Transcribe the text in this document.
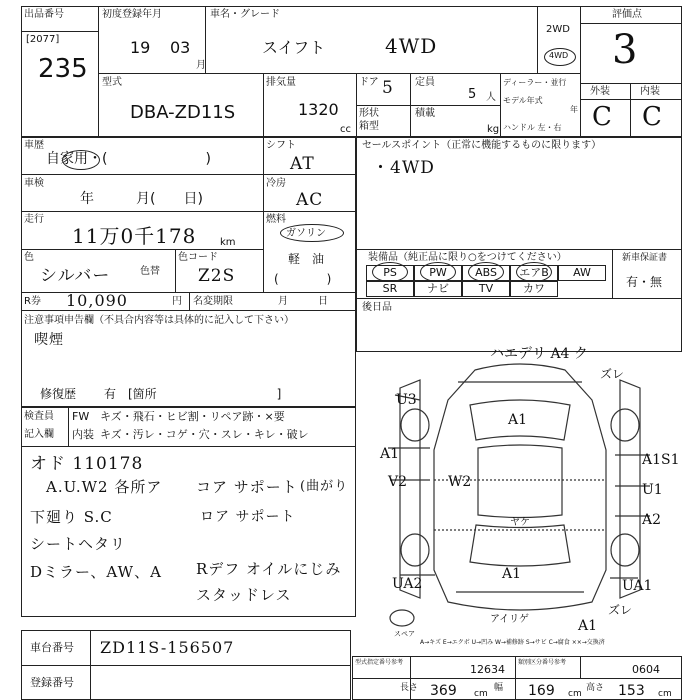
出品番号
[2077]
235
初度登録年月
19 03
月
車名・グレード
スイフト	4WD
2WD
4WD
評価点
3
型式
DBA-ZD11S
排気量
1320
cc
ドア 5 定員
5 人
形状
箱型
積載
kg
ディーラー・並行
モデル年式
年
ハンドル 左・右
外装	内装
C C
車歴
自家用・(　　　　　　　)
シフト
AT
車検
年　　　月(　　日)
冷房
AC
走行
11万0千178 km
燃料
ガソリン
軽　油
(　　　　)
色
シルバー	色替
色コード
Z2S
R券 10,090	円 名変期限	月　　　日
注意事項申告欄（不具合内容等は具体的に記入して下さい）
喫煙
修復歴 有　[箇所　　　　　　　　　　]
セールスポイント（正常に機能するものに限ります）
・4WD
装備品（純正品に限り○をつけてください）	新車保証書
有・無
PS	PW	ABS	エアB	AW
SR	ナビ	TV	カワ
後日品
検査員
記入欄
FW
内装
キズ・飛石・ヒビ割・リペア跡・×要
キズ・汚レ・コゲ・穴・スレ・キレ・破レ
オド 110178
A.U.W2 各所ア コア サポート (曲がり
下廻り S.C	ロア サポート
シートヘタリ
Dミラー、AW、A Rデフ オイルにじみ
スタッドレス
ハエデリ A4 ク
ズレ
U3
A1
A1
V2	W2
A1S1
U1
A2
ヤケ
A1
UA2	UA1
ズレ
アイリゲ	A1
スペア
車台番号 ZD11S-156507
登録番号
A→キズ E→エクボ U→凹み W→補修跡 S→サビ C→腐食 ××→交換済
型式指定番号参考
12634
類別区分番号参考
0604
長さ 369 cm
幅 169 cm
高さ 153 cm
